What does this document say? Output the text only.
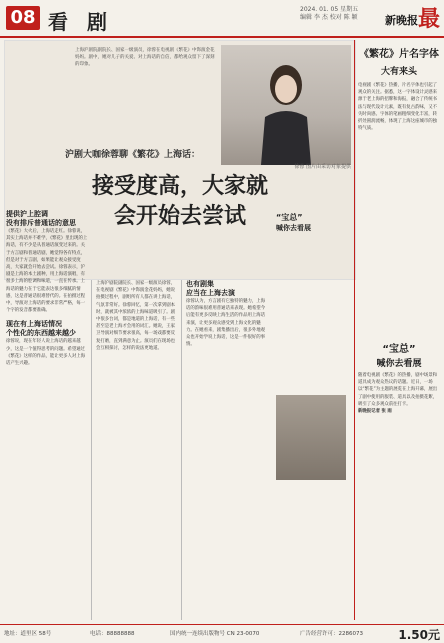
08 看 剧
2024. 01. 05 星期五
编辑 李 杰 校对 陈 颖 新晚报 最
上海沪剧院副院长、国家一级演员，徐蓉在电视剧《繁花》中饰演金花妈妈。剧中，她对儿子的关爱、对上海话的自信，都给观众留下了深刻的印象。
徐蓉 图片由采访对象提供
沪剧大咖徐蓉聊《繁花》上海话：
接受度高，大家就
会开始去尝试
提供沪上腔调
没有排斥普通话的意思
《繁花》大火后，上海话走红。徐蓉说，其实上海话并不难学，《繁花》里出现的上海话，有不少是从普通话演变过来的。关于方言剧和普通话剧，她觉得各有特点，但是对于方言剧，如果能让观众接受度高，大家就会开始去尝试。徐蓉表示，沪剧是上海的本土剧种，用上海话演唱，有很多上海的腔调和味道，一直在传承。上海话的魅力在于它能表达很多细腻的情感，这是普通话很难替代的。在拍摄过程中，导演对上海话的要求非常严格，每一个字的发音都要准确。
现在有上海话情况
个性化的东西越来越少
徐蓉说，现在年轻人说上海话的越来越少，这是一个值得思考的问题。希望通过《繁花》这样的作品，能让更多人对上海话产生兴趣。
上海沪剧院副院长、国家一级演员徐蓉，在电视剧《繁花》中饰演金花妈妈，她说拍摄过程中，剧组所有人都在讲上海话，气氛非常好。徐蓉回忆，第一次拿到剧本时，就被其中浓浓的上海味道吸引了。剧中很多台词，都是地道的上海话，有一些甚至是老上海才会用的词汇。她说，王家卫导演对细节要求很高，每一场戏都要反复打磨，直到满意为止。演员们在现场也会互相探讨，怎样的说法更地道。
也有剧集
应当在上海去演
徐蓉认为，方言剧有它独特的魅力，上海话的韵味很难用普通话来表现。她希望今后能有更多反映上海生活的作品用上海话来演，让更多观众感受到上海文化的魅力。在她看来，剧集播出后，很多外地观众也开始学说上海话，这是一件很好的事情。
“宝总”
喊你去看展
《繁花》片名字体
大有来头
电视剧《繁花》热播，片名字体也引起了观众的关注。据悉，这一字体设计灵感来源于老上海的招牌和海报，融合了传统书法与现代设计元素，既有复古韵味，又不失时尚感。字体的笔画粗细变化丰富，转折处圆润流畅，体现了上海这座城市的独特气质。
“宝总”
喊你去看展
随着电视剧《繁花》的热播，剧中场景和道具成为观众热议的话题。近日，一场以“繁花”为主题的展览在上海开幕，展出了剧中使用的服装、道具以及拍摄花絮，吸引了众多观众前往打卡。
新晚报记者 张 雨
地址：道里区 58号	电话：88888888	国内统一连续出版物号 CN 23-0070	广告经营许可：2286073	1.50元
